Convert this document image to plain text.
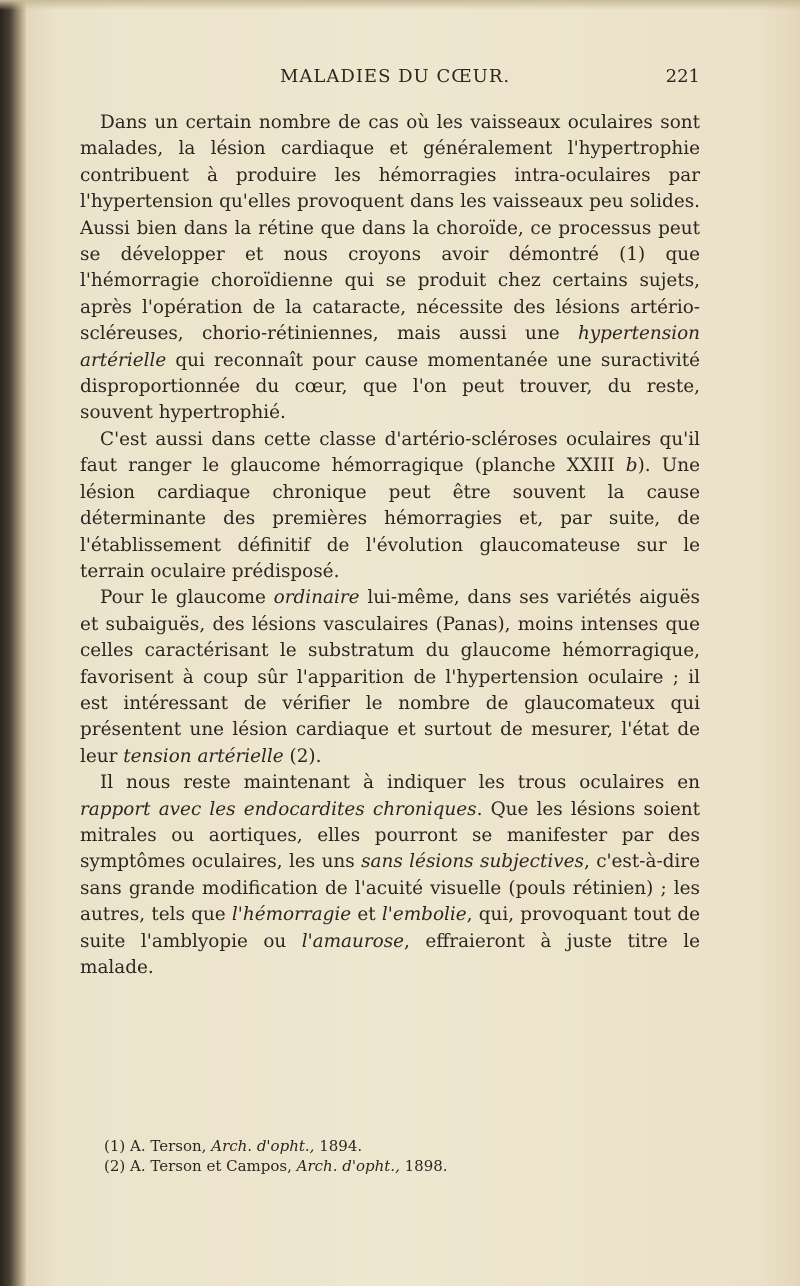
MALADIES DU CŒUR.	221

Dans un certain nombre de cas où les vaisseaux oculaires sont malades, la lésion cardiaque et généralement l'hypertrophie contribuent à produire les hémorragies intra-oculaires par l'hypertension qu'elles provoquent dans les vaisseaux peu solides. Aussi bien dans la rétine que dans la choroïde, ce processus peut se développer et nous croyons avoir démontré (1) que l'hémorragie choroïdienne qui se produit chez certains sujets, après l'opération de la cataracte, nécessite des lésions artério-scléreuses, chorio-rétiniennes, mais aussi une hypertension artérielle qui reconnaît pour cause momentanée une suractivité disproportionnée du cœur, que l'on peut trouver, du reste, souvent hypertrophié.

C'est aussi dans cette classe d'artério-scléroses oculaires qu'il faut ranger le glaucome hémorragique (planche XXIII b). Une lésion cardiaque chronique peut être souvent la cause déterminante des premières hémorragies et, par suite, de l'établissement définitif de l'évolution glaucomateuse sur le terrain oculaire prédisposé.

Pour le glaucome ordinaire lui-même, dans ses variétés aiguës et subaiguës, des lésions vasculaires (Panas), moins intenses que celles caractérisant le substratum du glaucome hémorragique, favorisent à coup sûr l'apparition de l'hypertension oculaire ; il est intéressant de vérifier le nombre de glaucomateux qui présentent une lésion cardiaque et surtout de mesurer, l'état de leur tension artérielle (2).

Il nous reste maintenant à indiquer les trous oculaires en rapport avec les endocardites chroniques. Que les lésions soient mitrales ou aortiques, elles pourront se manifester par des symptômes oculaires, les uns sans lésions subjectives, c'est-à-dire sans grande modification de l'acuité visuelle (pouls rétinien) ; les autres, tels que l'hémorragie et l'embolie, qui, provoquant tout de suite l'amblyopie ou l'amaurose, effraieront à juste titre le malade.

(1) A. Terson, Arch. d'opht., 1894.
(2) A. Terson et Campos, Arch. d'opht., 1898.
